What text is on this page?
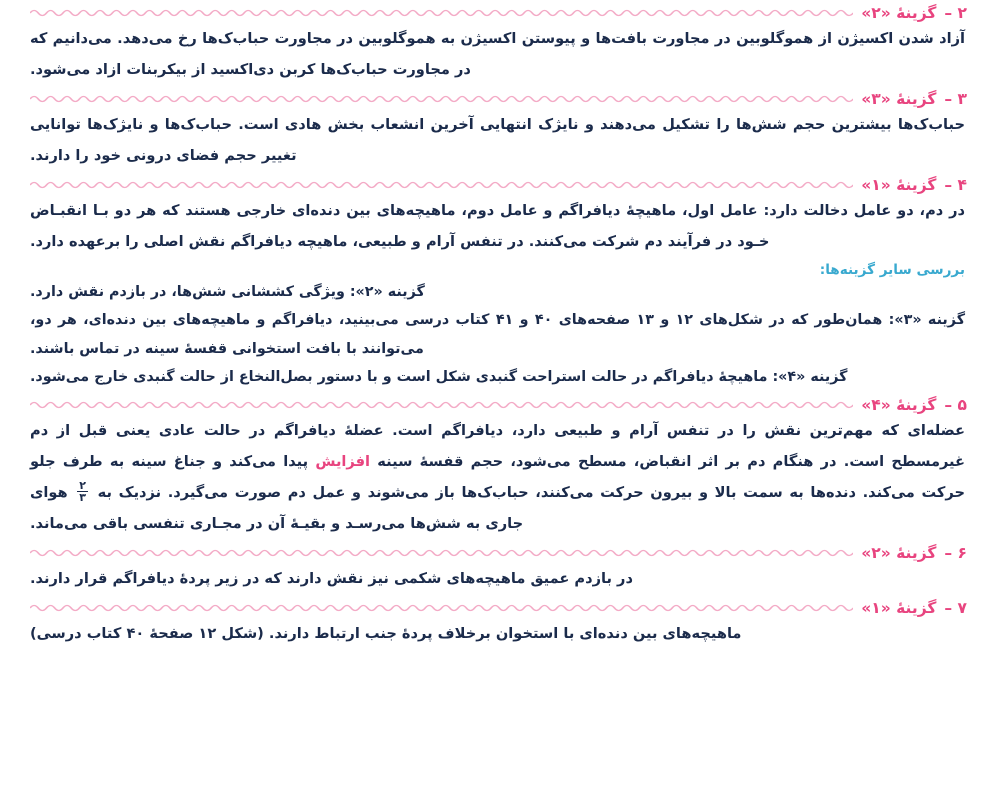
۲ –
گزینۀ «۲»

آزاد شدن اکسیژن از هموگلوبین در مجاورت بافت‌ها و پیوستن اکسیژن به هموگلوبین در مجاورت حباب‌ک‌ها رخ می‌دهد. می‌دانیم که در مجاورت حباب‌ک‌ها کربن دی‌اکسید از بیکربنات ازاد می‌شود.

۳ –
گزینۀ «۳»

حباب‌ک‌ها بیشترین حجم شش‌ها را تشکیل می‌دهند و نایژک انتهایی آخرین انشعاب بخش هادی است. حباب‌ک‌ها و نایژک‌ها توانایی تغییر حجم فضای درونی خود را دارند.

۴ –
گزینۀ «۱»

در دم، دو عامل دخالت دارد: عامل اول، ماهیچۀ دیافراگم و عامل دوم، ماهیچه‌های بین دنده‌ای خارجی هستند که هر دو بـا انقبـاض خـود در فرآیند دم شرکت می‌کنند. در تنفس آرام و طبیعی، ماهیچه دیافراگم نقش اصلی را برعهده دارد.

بررسی سایر گزینه‌ها:

گزینه «۲»: ویژگی کششانی شش‌ها، در بازدم نقش دارد.

گزینه «۳»: همان‌طور که در شکل‌های ۱۲ و ۱۳ صفحه‌های ۴۰ و ۴۱ کتاب درسی می‌بینید، دیافراگم و ماهیچه‌های بین دنده‌ای، هر دو، می‌توانند با بافت استخوانی قفسۀ سینه در تماس باشند.

گزینه «۴»: ماهیچۀ دیافراگم در حالت استراحت گنبدی شکل است و با دستور بصل‌النخاع از حالت گنبدی خارج می‌شود.

۵ –
گزینۀ «۴»

عضله‌ای که مهم‌ترین نقش را در تنفس آرام و طبیعی دارد، دیافراگم است. عضلۀ دیافراگم در حالت عادی یعنی قبل از دم غیرمسطح است. در هنگام دم بر اثر انقباض، مسطح می‌شود، حجم قفسۀ سینه افزایش پیدا می‌کند و جناغ سینه به طرف جلو حرکت می‌کند. دنده‌ها به سمت بالا و بیرون حرکت می‌کنند، حباب‌ک‌ها باز می‌شوند و عمل دم صورت می‌گیرد. نزدیک به
$\frac{۲}{۳}$
هوای جاری به شش‌ها می‌رسـد و بقیـۀ آن در مجـاری تنفسی باقی می‌ماند.

۶ –
گزینۀ «۲»

در بازدم عمیق ماهیچه‌های شکمی نیز نقش دارند که در زیر پردۀ دیافراگم قرار دارند.

۷ –
گزینۀ «۱»

ماهیچه‌های بین دنده‌ای با استخوان برخلاف پردۀ جنب ارتباط دارند. (شکل ۱۲ صفحۀ ۴۰ کتاب درسی)
